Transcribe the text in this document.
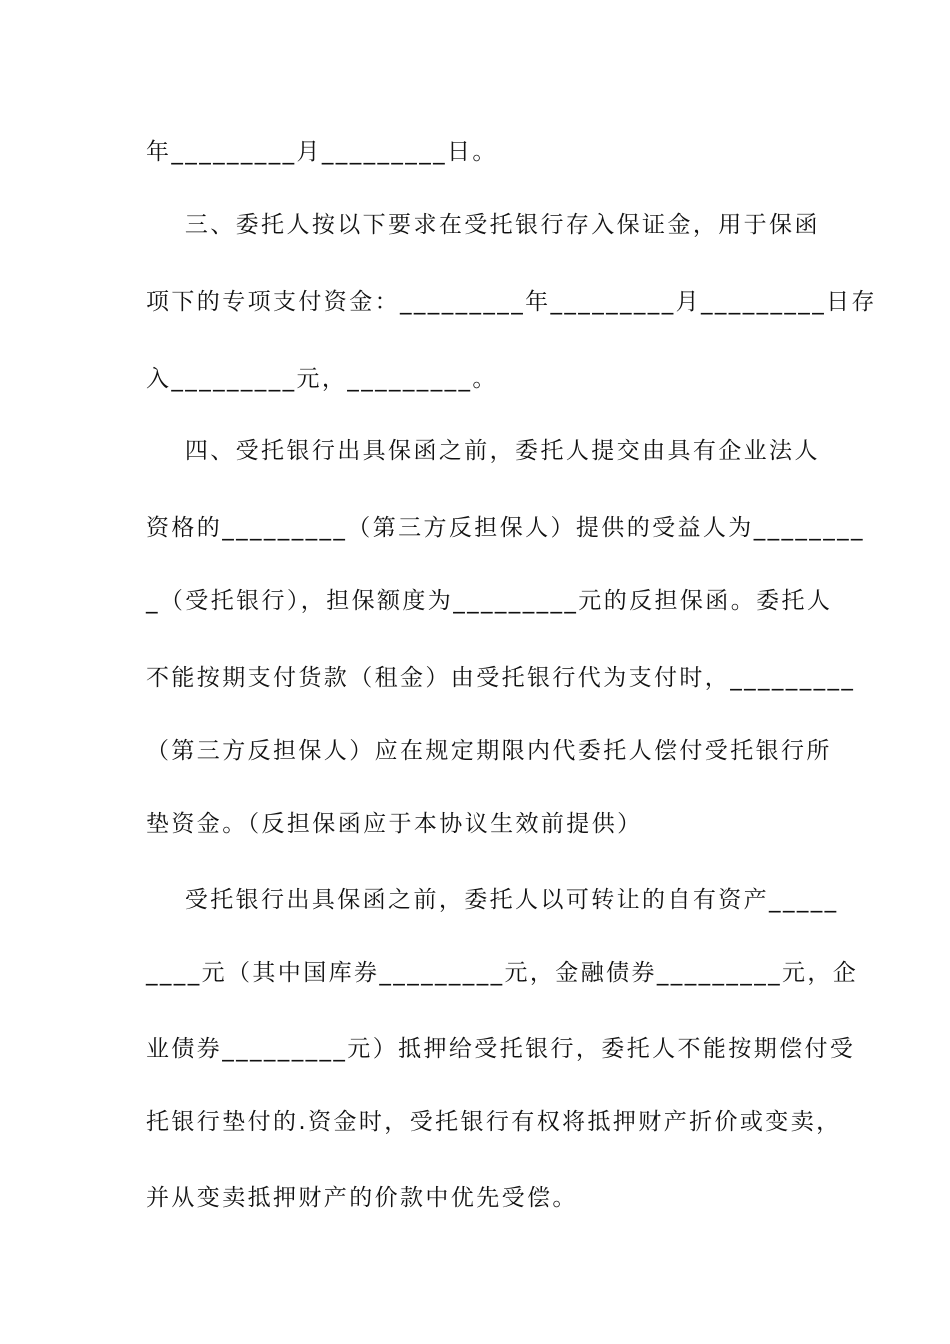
年_________月_________日。
三、委托人按以下要求在受托银行存入保证金，用于保函
项下的专项支付资金：_________年_________月_________日存
入_________元，_________。
四、受托银行出具保函之前，委托人提交由具有企业法人
资格的_________（第三方反担保人）提供的受益人为________
_（受托银行），担保额度为_________元的反担保函。委托人
不能按期支付货款（租金）由受托银行代为支付时，_________
（第三方反担保人）应在规定期限内代委托人偿付受托银行所
垫资金。（反担保函应于本协议生效前提供）
受托银行出具保函之前，委托人以可转让的自有资产_____
____元（其中国库券_________元，金融债券_________元，企
业债券_________元）抵押给受托银行，委托人不能按期偿付受
托银行垫付的.资金时，受托银行有权将抵押财产折价或变卖，
并从变卖抵押财产的价款中优先受偿。
